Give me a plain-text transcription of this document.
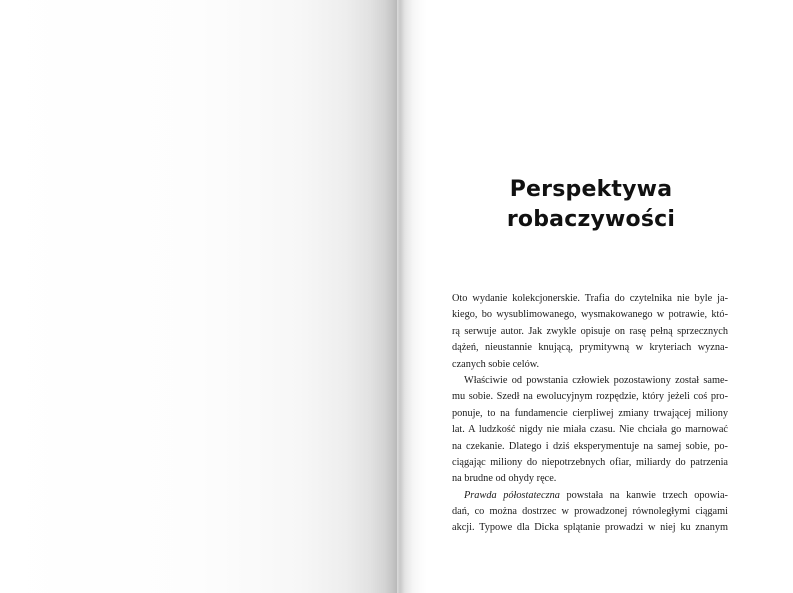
Perspektywa
robaczywości
Oto wydanie kolekcjonerskie. Trafia do czytelnika nie byle ja-
kiego, bo wysublimowanego, wysmakowanego w potrawie, któ-
rą serwuje autor. Jak zwykle opisuje on rasę pełną sprzecznych
dążeń, nieustannie knującą, prymitywną w kryteriach wyzna-
czanych sobie celów.
Właściwie od powstania człowiek pozostawiony został same-
mu sobie. Szedł na ewolucyjnym rozpędzie, który jeżeli coś pro-
ponuje, to na fundamencie cierpliwej zmiany trwającej miliony
lat. A ludzkość nigdy nie miała czasu. Nie chciała go marnować
na czekanie. Dlatego i dziś eksperymentuje na samej sobie, po-
ciągając miliony do niepotrzebnych ofiar, miliardy do patrzenia
na brudne od ohydy ręce.
Prawda półostateczna powstała na kanwie trzech opowia-
dań, co można dostrzec w prowadzonej równoległymi ciągami
akcji. Typowe dla Dicka splątanie prowadzi w niej ku znanym
